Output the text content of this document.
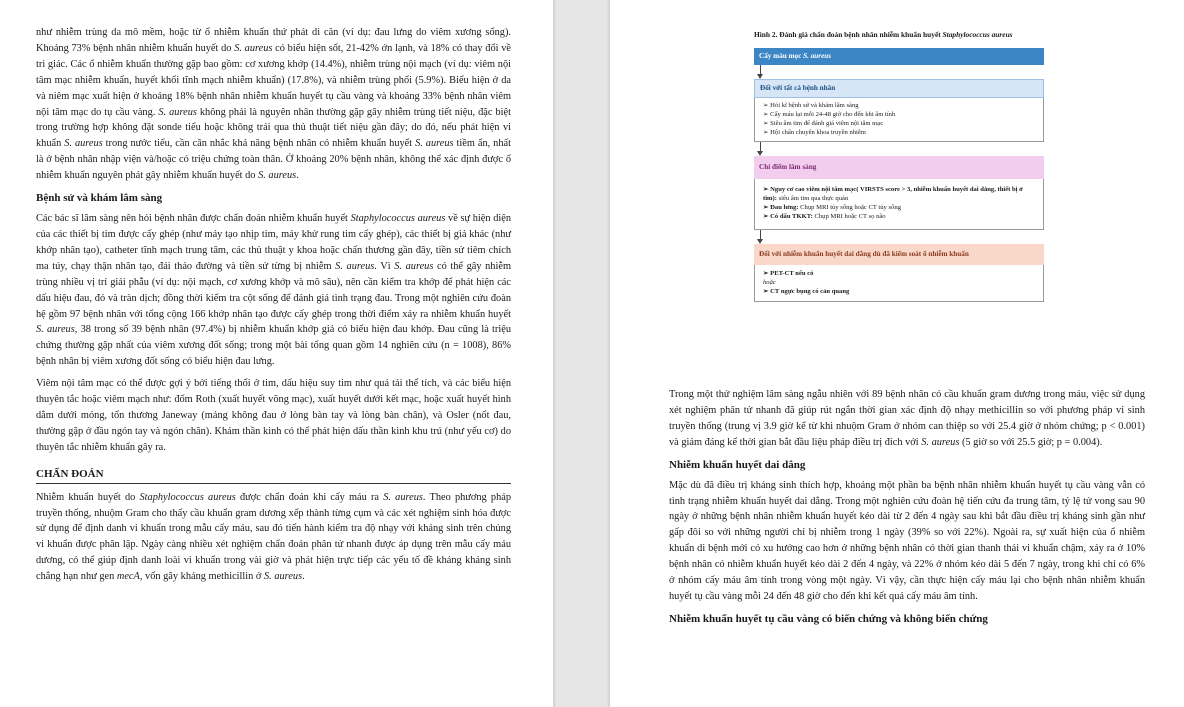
như nhiễm trùng da mô mềm, hoặc từ ổ nhiễm khuẩn thứ phát di căn (ví dụ: đau lưng do viêm xương sống). Khoảng 73% bệnh nhân nhiễm khuẩn huyết do S. aureus có biểu hiện sốt, 21-42% ớn lạnh, và 18% có thay đổi về tri giác. Các ổ nhiễm khuẩn thường gặp bao gồm: cơ xương khớp (14.4%), nhiễm trùng nội mạch (ví dụ: viêm nội tâm mạc nhiễm khuẩn, huyết khối tĩnh mạch nhiễm khuẩn) (17.8%), và nhiễm trùng phổi (5.9%). Biểu hiện ở da và niêm mạc xuất hiện ở khoảng 18% bệnh nhân nhiễm khuẩn huyết tụ cầu vàng và khoảng 33% bệnh nhân viêm nội tâm mạc do tụ cầu vàng. S. aureus không phải là nguyên nhân thường gặp gây nhiễm trùng tiết niệu, đặc biệt trong trường hợp không đặt sonde tiểu hoặc không trải qua thủ thuật tiết niệu gần đây; do đó, nếu phát hiện vi khuẩn S. aureus trong nước tiểu, cần cân nhắc khả năng bệnh nhân có nhiễm khuẩn huyết S. aureus tiềm ẩn, nhất là ở bệnh nhân nhập viện và/hoặc có triệu chứng toàn thân. Ở khoảng 20% bệnh nhân, không thể xác định được ổ nhiễm khuẩn nguyên phát gây nhiễm khuẩn huyết do S. aureus.

Bệnh sử và khám lâm sàng

Các bác sĩ lâm sàng nên hỏi bệnh nhân được chẩn đoán nhiễm khuẩn huyết Staphylococcus aureus về sự hiện diện của các thiết bị tim được cấy ghép (như máy tạo nhịp tim, máy khử rung tim cấy ghép), các thiết bị giả khác (như khớp nhân tạo), catheter tĩnh mạch trung tâm, các thủ thuật y khoa hoặc chấn thương gần đây, tiền sử tiêm chích ma túy, chạy thận nhân tạo, đái tháo đường và tiền sử từng bị nhiễm S. aureus. Vì S. aureus có thể gây nhiễm trùng nhiều vị trí giải phẫu (ví dụ: nội mạch, cơ xương khớp và mô sâu), nên cần kiểm tra khớp để phát hiện các dấu hiệu đau, đỏ và tràn dịch; đồng thời kiểm tra cột sống để đánh giá tình trạng đau. Trong một nghiên cứu đoàn hệ gồm 97 bệnh nhân với tổng cộng 166 khớp nhân tạo được cấy ghép trong thời điểm xảy ra nhiễm khuẩn huyết S. aureus, 38 trong số 39 bệnh nhân (97.4%) bị nhiễm khuẩn khớp giả có biểu hiện đau khớp. Đau cũng là triệu chứng thường gặp nhất của viêm xương đốt sống; trong một bài tổng quan gồm 14 nghiên cứu (n = 1008), 86% bệnh nhân bị viêm xương đốt sống có biểu hiện đau lưng.

Viêm nội tâm mạc có thể được gợi ý bởi tiếng thổi ở tim, dấu hiệu suy tim như quá tải thể tích, và các biểu hiện thuyên tắc hoặc viêm mạch như: đốm Roth (xuất huyết võng mạc), xuất huyết dưới kết mạc, hoặc xuất huyết hình dằm dưới móng, tổn thương Janeway (mảng không đau ở lòng bàn tay và lòng bàn chân), và Osler (nốt đau, thường gặp ở đầu ngón tay và ngón chân). Khám thần kinh có thể phát hiện dấu thần kinh khu trú (như yếu cơ) do thuyên tắc nhiễm khuẩn gây ra.

CHẨN ĐOÁN

Nhiễm khuẩn huyết do Staphylococcus aureus được chẩn đoán khi cấy máu ra S. aureus. Theo phương pháp truyền thống, nhuộm Gram cho thấy cầu khuẩn gram dương xếp thành từng cụm và các xét nghiệm sinh hóa được sử dụng để định danh vi khuẩn trong mẫu cấy máu, sau đó tiến hành kiểm tra độ nhạy với kháng sinh trên chủng vi khuẩn được phân lập. Ngày càng nhiều xét nghiệm chẩn đoán phân tử nhanh được áp dụng trên mẫu cấy máu dương, có thể giúp định danh loài vi khuẩn trong vài giờ và phát hiện trực tiếp các yếu tố đề kháng kháng sinh chẳng hạn như gen mecA, vốn gây kháng methicillin ở S. aureus.

Hình 2. Đánh giá chẩn đoán bệnh nhân nhiễm khuẩn huyết Staphylococcus aureus
Cấy máu mọc S. aureus
Đối với tất cả bệnh nhân
➢ Hỏi kĩ bệnh sử và khám lâm sàng
➢ Cấy máu lại mỗi 24-48 giờ cho đến khi âm tính
➢ Siêu âm tim để đánh giá viêm nội tâm mạc
➢ Hội chẩn chuyên khoa truyền nhiễm
Chỉ điểm lâm sàng
➢ Nguy cơ cao viêm nội tâm mạc( VIRSTS score > 3, nhiễm khuẩn huyết dai dẳng, thiết bị ở tim): siêu âm tim qua thực quản
➢ Đau lưng: Chụp MRI tủy sống hoặc CT tủy sống
➢ Có dấu TKKT: Chụp MRI hoặc CT sọ não
Đối với nhiễm khuẩn huyết dai dẳng dù đã kiểm soát ổ nhiễm khuẩn
➢ PET-CT nếu có
hoặc
➢ CT ngực bụng có cản quang

Trong một thử nghiệm lâm sàng ngẫu nhiên với 89 bệnh nhân có cầu khuẩn gram dương trong máu, việc sử dụng xét nghiệm phân tử nhanh đã giúp rút ngắn thời gian xác định độ nhạy methicillin so với phương pháp vi sinh truyền thống (trung vị 3.9 giờ kể từ khi nhuộm Gram ở nhóm can thiệp so với 25.4 giờ ở nhóm chứng; p < 0.001) và giảm đáng kể thời gian bắt đầu liệu pháp điều trị đích với S. aureus (5 giờ so với 25.5 giờ; p = 0.004).

Nhiễm khuẩn huyết dai dẳng

Mặc dù đã điều trị kháng sinh thích hợp, khoảng một phần ba bệnh nhân nhiễm khuẩn huyết tụ cầu vàng vẫn có tình trạng nhiễm khuẩn huyết dai dẳng. Trong một nghiên cứu đoàn hệ tiến cứu đa trung tâm, tỷ lệ tử vong sau 90 ngày ở những bệnh nhân nhiễm khuẩn huyết kéo dài từ 2 đến 4 ngày sau khi bắt đầu điều trị kháng sinh gần như gấp đôi so với những người chỉ bị nhiễm trong 1 ngày (39% so với 22%). Ngoài ra, sự xuất hiện của ổ nhiễm khuẩn di bệnh mới có xu hướng cao hơn ở những bệnh nhân có thời gian thanh thải vi khuẩn chậm, xảy ra ở 10% bệnh nhân có nhiễm khuẩn huyết kéo dài 2 đến 4 ngày, và 22% ở nhóm kéo dài 5 đến 7 ngày, trong khi chỉ có 6% ở nhóm cấy máu âm tính trong vòng một ngày. Vì vậy, cần thực hiện cấy máu lại cho bệnh nhân nhiễm khuẩn huyết tụ cầu vàng mỗi 24 đến 48 giờ cho đến khi kết quả cấy máu âm tính.

Nhiễm khuẩn huyết tụ cầu vàng có biến chứng và không biến chứng
